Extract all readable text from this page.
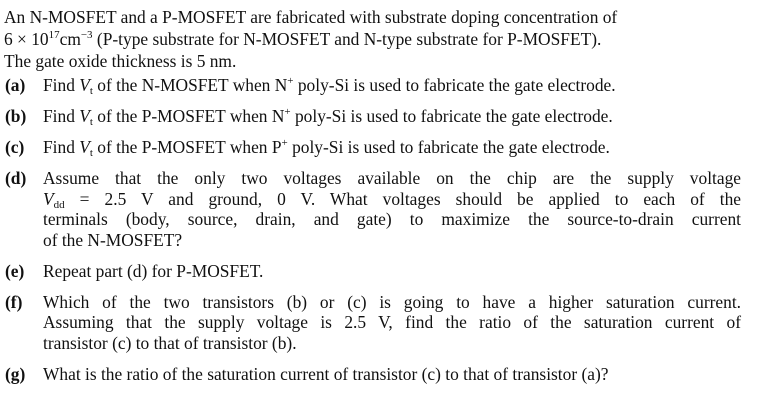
An N-MOSFET and a P-MOSFET are fabricated with substrate doping concentration of
$6 \times 10^{17}cm^{-3}$ (P-type substrate for N-MOSFET and N-type substrate for P-MOSFET).
The gate oxide thickness is 5 nm.
(a)	Find $V_t$ of the N-MOSFET when N+ poly-Si is used to fabricate the gate electrode.
(b) Find $V_t$ of the P-MOSFET when N+ poly-Si is used to fabricate the gate electrode.
(c)	Find $V_t$ of the P-MOSFET when P+ poly-Si is used to fabricate the gate electrode.
(d) Assume that the only two voltages available on the chip are the supply voltage
$V_{dd} = 2.5$ V and ground, 0 V. What voltages should be applied to each of the
terminals (body, source, drain, and gate) to maximize the source-to-drain current
of the N-MOSFET?
(e)	Repeat part (d) for P-MOSFET.
(f)	Which of the two transistors (b) or (c) is going to have a higher saturation current.
Assuming that the supply voltage is 2.5 V, find the ratio of the saturation current of
transistor (c) to that of transistor (b).
(g)	What is the ratio of the saturation current of transistor (c) to that of transistor (a)?
